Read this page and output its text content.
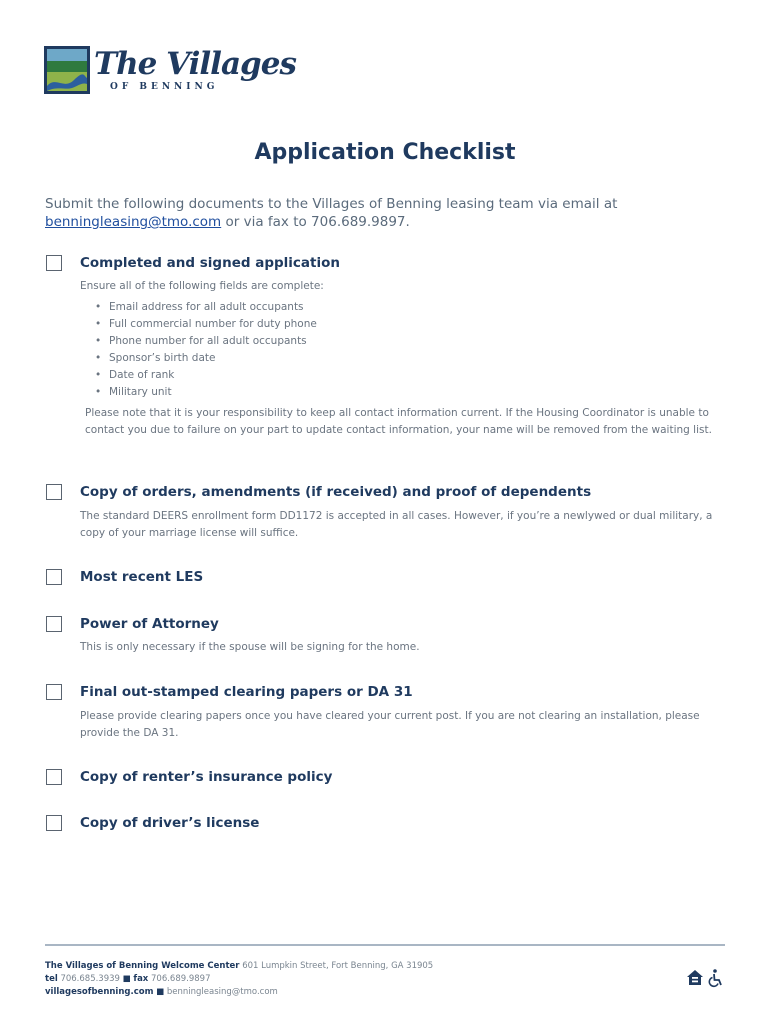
The Villages
OF BENNING
Application Checklist
Submit the following documents to the Villages of Benning leasing team via email at
benningleasing@tmo.com or via fax to 706.689.9897.
Completed and signed application
Ensure all of the following fields are complete:
• Email address for all adult occupants
• Full commercial number for duty phone
• Phone number for all adult occupants
• Sponsor’s birth date
• Date of rank
• Military unit
Please note that it is your responsibility to keep all contact information current. If the Housing Coordinator is unable to contact you due to failure on your part to update contact information, your name will be removed from the waiting list.
Copy of orders, amendments (if received) and proof of dependents
The standard DEERS enrollment form DD1172 is accepted in all cases. However, if you’re a newlywed or dual military, a copy of your marriage license will suffice.
Most recent LES
Power of Attorney
This is only necessary if the spouse will be signing for the home.
Final out-stamped clearing papers or DA 31
Please provide clearing papers once you have cleared your current post. If you are not clearing an installation, please provide the DA 31.
Copy of renter’s insurance policy
Copy of driver’s license
The Villages of Benning Welcome Center 601 Lumpkin Street, Fort Benning, GA 31905
tel 706.685.3939 ■ fax 706.689.9897
villagesofbenning.com ■ benningleasing@tmo.com
